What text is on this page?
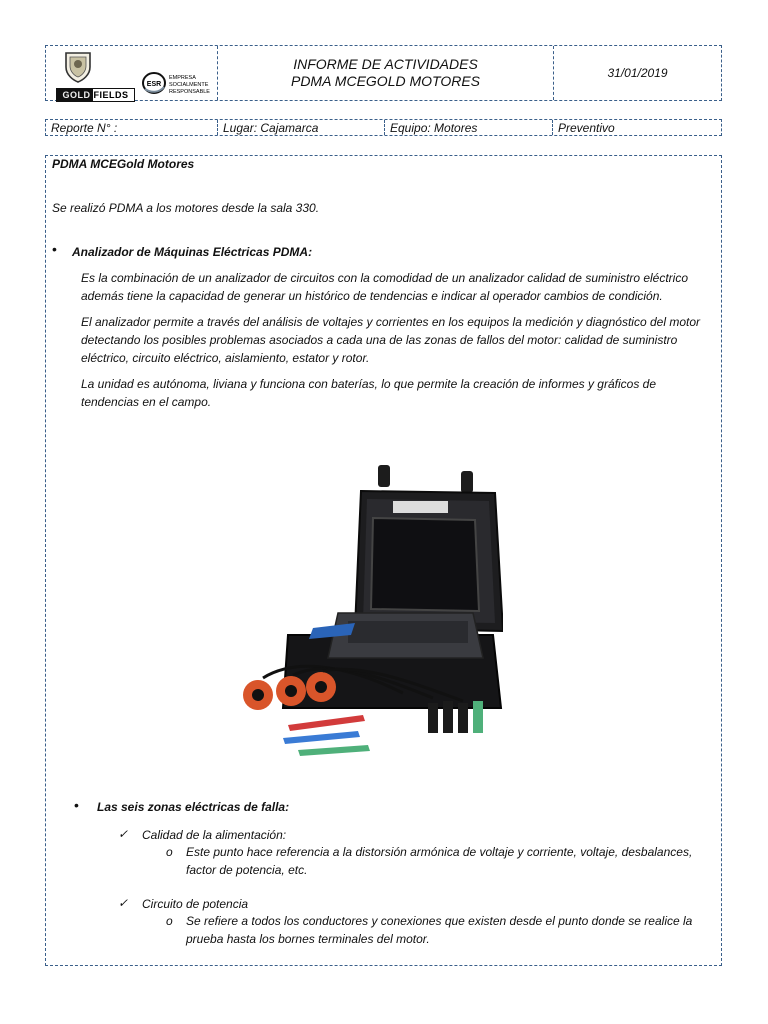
GOLD FIELDS
ESR
EMPRESA
SOCIALMENTE
RESPONSABLE
INFORME DE ACTIVIDADES
PDMA MCEGOLD MOTORES	31/01/2019
Reporte N° :	Lugar: Cajamarca	Equipo: Motores	Preventivo
PDMA MCEGold Motores
Se realizó PDMA a los motores desde la sala 330.
• Analizador de Máquinas Eléctricas PDMA:
Es la combinación de un analizador de circuitos con la comodidad de un analizador calidad de suministro eléctrico
además tiene la capacidad de generar un histórico de tendencias e indicar al operador cambios de condición.
El analizador permite a través del análisis de voltajes y corrientes en los equipos la medición y diagnóstico del motor
detectando los posibles problemas asociados a cada una de las zonas de fallos del motor: calidad de suministro
eléctrico, circuito eléctrico, aislamiento, estator y rotor.
La unidad es autónoma, liviana y funciona con baterías, lo que permite la creación de informes y gráficos de
tendencias en el campo.
• Las seis zonas eléctricas de falla:
✓ Calidad de la alimentación:
o Este punto hace referencia a la distorsión armónica de voltaje y corriente, voltaje, desbalances,
factor de potencia, etc.
✓ Circuito de potencia
o Se refiere a todos los conductores y conexiones que existen desde el punto donde se realice la
prueba hasta los bornes terminales del motor.
